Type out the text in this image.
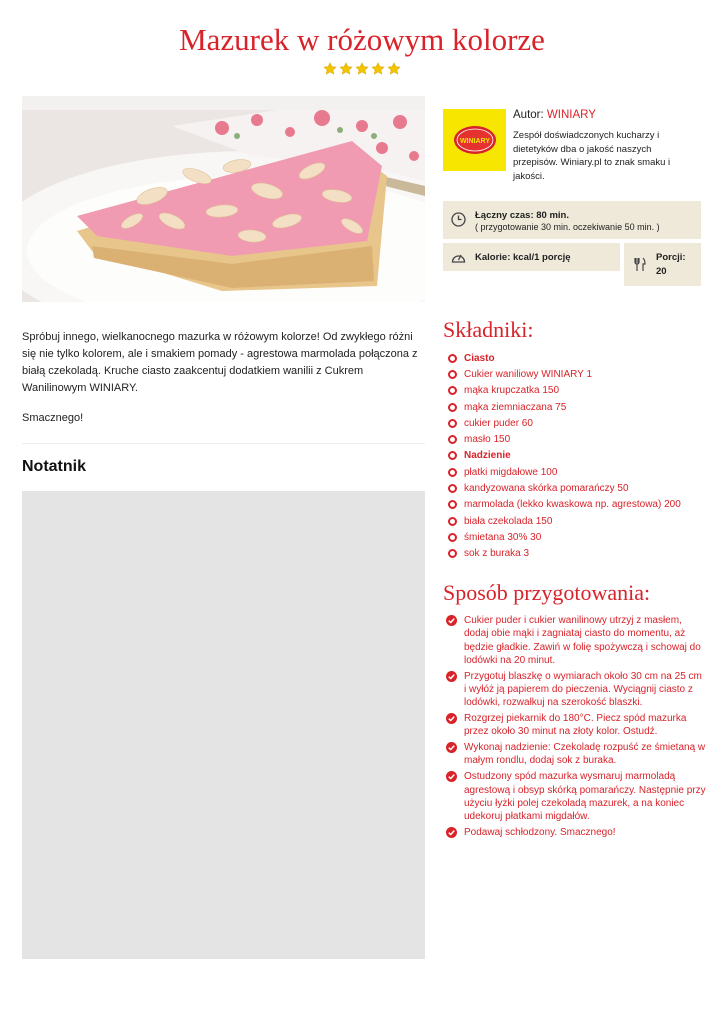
Mazurek w różowym kolorze
WINIARY
Autor: WINIARY
Zespół doświadczonych kucharzy i dietetyków dba o jakość naszych przepisów. Winiary.pl to znak smaku i jakości.
Łączny czas: 80 min.
( przygotowanie 30 min. oczekiwanie 50 min. )
Kalorie: kcal/1 porcję	Porcji:
20
Spróbuj innego, wielkanocnego mazurka w różowym kolorze! Od zwykłego różni się nie tylko kolorem, ale i smakiem pomady - agrestowa marmolada połączona z białą czekoladą. Kruche ciasto zaakcentuj dodatkiem wanilii z Cukrem Wanilinowym WINIARY.
Smacznego!
Notatnik
Składniki:
Ciasto
Cukier waniliowy WINIARY 1
mąka krupczatka 150
mąka ziemniaczana 75
cukier puder 60
masło 150
Nadzienie
płatki migdałowe 100
kandyzowana skórka pomarańczy 50
marmolada (lekko kwaskowa np. agrestowa) 200
biała czekolada 150
śmietana 30% 30
sok z buraka 3
Sposób przygotowania:
Cukier puder i cukier wanilinowy utrzyj z masłem, dodaj obie mąki i zagniataj ciasto do momentu, aż będzie gładkie. Zawiń w folię spożywczą i schowaj do lodówki na 20 minut.
Przygotuj blaszkę o wymiarach około 30 cm na 25 cm i wyłóż ją papierem do pieczenia. Wyciągnij ciasto z lodówki, rozwałkuj na szerokość blaszki.
Rozgrzej piekarnik do 180°C. Piecz spód mazurka przez około 30 minut na złoty kolor. Ostudź.
Wykonaj nadzienie: Czekoladę rozpuść ze śmietaną w małym rondlu, dodaj sok z buraka.
Ostudzony spód mazurka wysmaruj marmoladą agrestową i obsyp skórką pomarańczy. Następnie przy użyciu łyżki polej czekoladą mazurek, a na koniec udekoruj płatkami migdałów.
Podawaj schłodzony. Smacznego!
